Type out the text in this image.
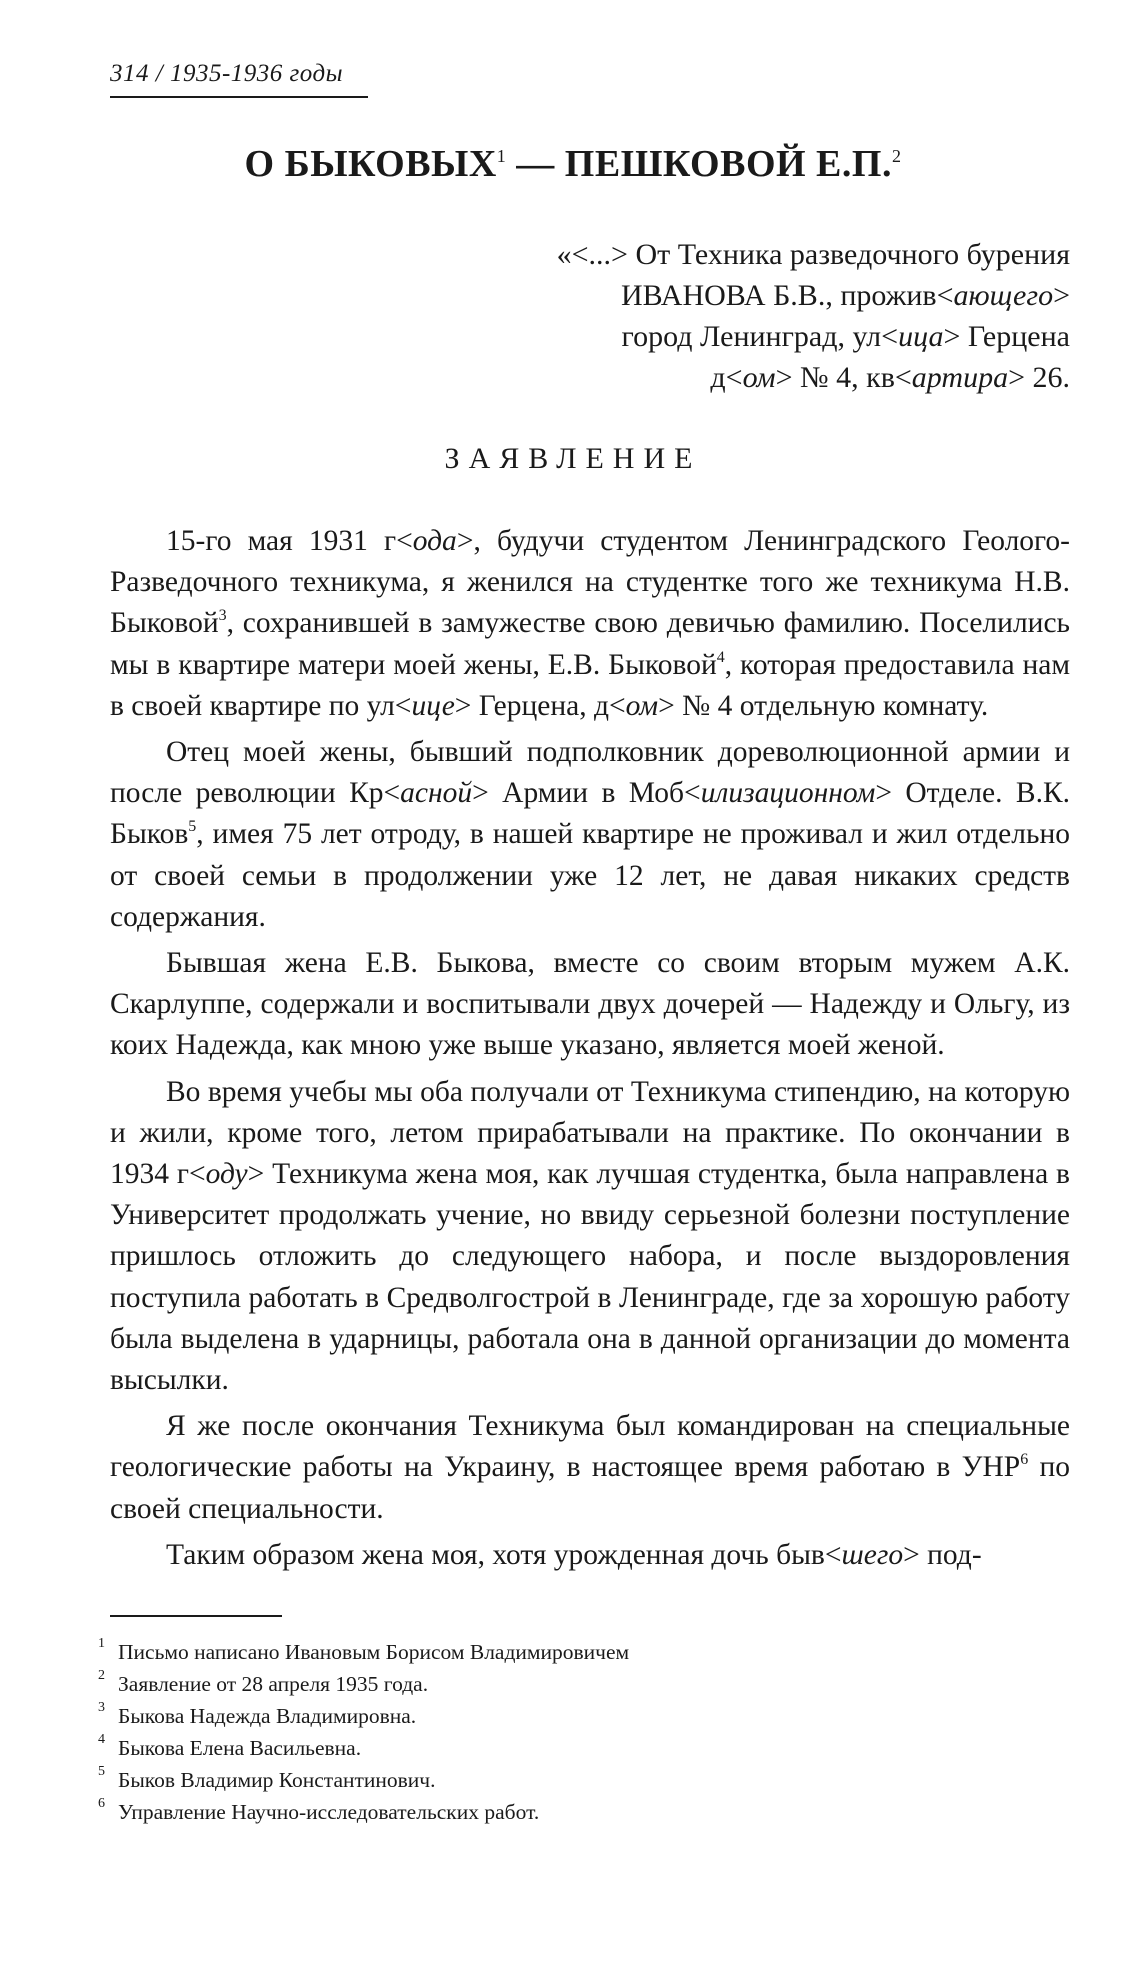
314 / 1935-1936 годы
О БЫКОВЫХ$^1$ — ПЕШКОВОЙ Е.П.$^2$
«<...> От Техника разведочного бурения
ИВАНОВА Б.В., прожив<ающего>
город Ленинград, ул<ица> Герцена
д<ом> № 4, кв<артира> 26.
ЗАЯВЛЕНИЕ

15-го мая 1931 г<ода>, будучи студентом Ленинградского Геолого-Разведочного техникума, я женился на студентке того же техникума Н.В. Быковой$^3$, сохранившей в замужестве свою девичью фамилию. Поселились мы в квартире матери моей жены, Е.В. Быковой$^4$, которая предоставила нам в своей квартире по ул<ице> Герцена, д<ом> № 4 отдельную комнату.

Отец моей жены, бывший подполковник дореволюционной армии и после революции Кр<асной> Армии в Моб<илизационном> Отделе. В.К. Быков$^5$, имея 75 лет отроду, в нашей квартире не проживал и жил отдельно от своей семьи в продолжении уже 12 лет, не давая никаких средств содержания.

Бывшая жена Е.В. Быкова, вместе со своим вторым мужем А.К. Скарлуппе, содержали и воспитывали двух дочерей — Надежду и Ольгу, из коих Надежда, как мною уже выше указано, является моей женой.

Во время учебы мы оба получали от Техникума стипендию, на которую и жили, кроме того, летом прирабатывали на практике. По окончании в 1934 г<оду> Техникума жена моя, как лучшая студентка, была направлена в Университет продолжать учение, но ввиду серьезной болезни поступление пришлось отложить до следующего набора, и после выздоровления поступила работать в Средволгострой в Ленинграде, где за хорошую работу была выделена в ударницы, работала она в данной организации до момента высылки.

Я же после окончания Техникума был командирован на специальные геологические работы на Украину, в настоящее время работаю в УНР$^6$ по своей специальности.

Таким образом жена моя, хотя урожденная дочь быв<шего> под-

$^1$ Письмо написано Ивановым Борисом Владимировичем
$^2$ Заявление от 28 апреля 1935 года.
$^3$ Быкова Надежда Владимировна.
$^4$ Быкова Елена Васильевна.
$^5$ Быков Владимир Константинович.
$^6$ Управление Научно-исследовательских работ.
